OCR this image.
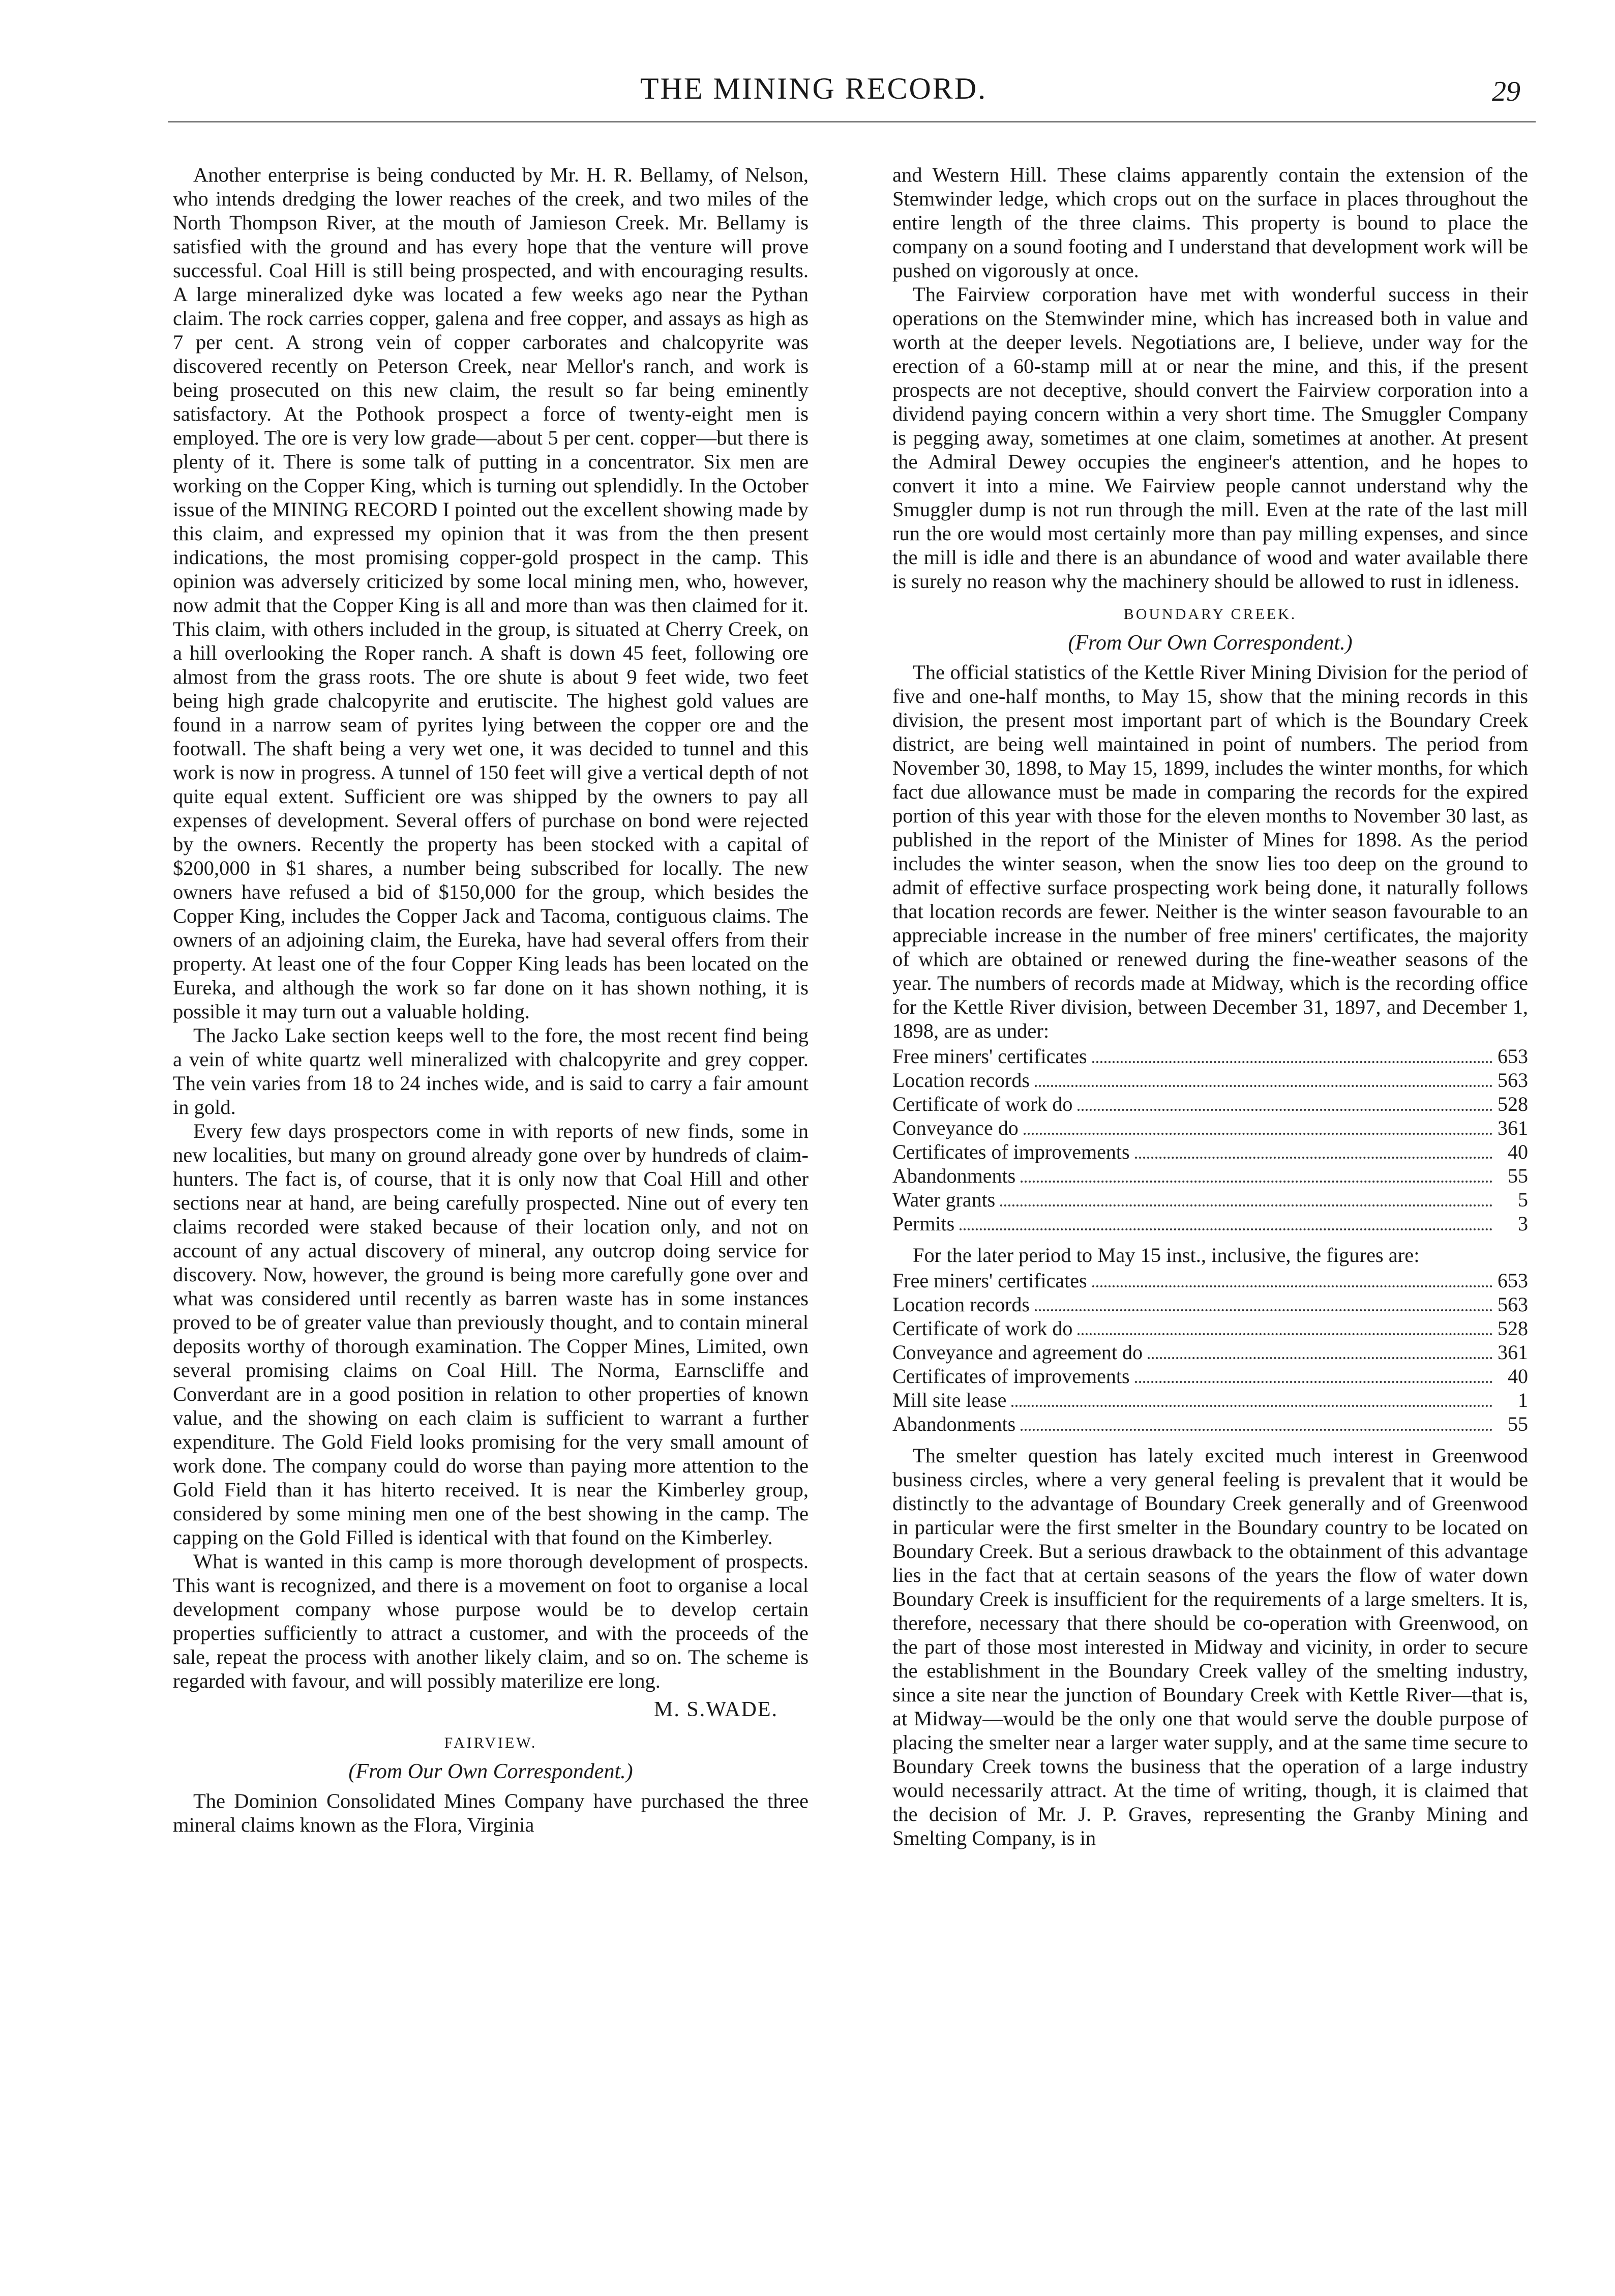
THE MINING RECORD.	29

Another enterprise is being conducted by Mr. H. R. Bellamy, of Nelson, who intends dredging the lower reaches of the creek, and two miles of the North Thompson River, at the mouth of Jamieson Creek. Mr. Bellamy is satisfied with the ground and has every hope that the venture will prove successful. Coal Hill is still being prospected, and with encouraging results. A large mineralized dyke was located a few weeks ago near the Pythan claim. The rock carries copper, galena and free copper, and assays as high as 7 per cent. A strong vein of copper carborates and chalcopyrite was discovered recently on Peterson Creek, near Mellor's ranch, and work is being prosecuted on this new claim, the result so far being eminently satisfactory. At the Pothook prospect a force of twenty-eight men is employed. The ore is very low grade—about 5 per cent. copper—but there is plenty of it. There is some talk of putting in a concentrator. Six men are working on the Copper King, which is turning out splendidly. In the October issue of the MINING RECORD I pointed out the excellent showing made by this claim, and expressed my opinion that it was from the then present indications, the most promising copper-gold prospect in the camp. This opinion was adversely criticized by some local mining men, who, however, now admit that the Copper King is all and more than was then claimed for it. This claim, with others included in the group, is situated at Cherry Creek, on a hill overlooking the Roper ranch. A shaft is down 45 feet, following ore almost from the grass roots. The ore shute is about 9 feet wide, two feet being high grade chalcopyrite and erutiscite. The highest gold values are found in a narrow seam of pyrites lying between the copper ore and the footwall. The shaft being a very wet one, it was decided to tunnel and this work is now in progress. A tunnel of 150 feet will give a vertical depth of not quite equal extent. Sufficient ore was shipped by the owners to pay all expenses of development. Several offers of purchase on bond were rejected by the owners. Recently the property has been stocked with a capital of $200,000 in $1 shares, a number being subscribed for locally. The new owners have refused a bid of $150,000 for the group, which besides the Copper King, includes the Copper Jack and Tacoma, contiguous claims. The owners of an adjoining claim, the Eureka, have had several offers from their property. At least one of the four Copper King leads has been located on the Eureka, and although the work so far done on it has shown nothing, it is possible it may turn out a valuable holding.

The Jacko Lake section keeps well to the fore, the most recent find being a vein of white quartz well mineralized with chalcopyrite and grey copper. The vein varies from 18 to 24 inches wide, and is said to carry a fair amount in gold.

Every few days prospectors come in with reports of new finds, some in new localities, but many on ground already gone over by hundreds of claim-hunters. The fact is, of course, that it is only now that Coal Hill and other sections near at hand, are being carefully prospected. Nine out of every ten claims recorded were staked because of their location only, and not on account of any actual discovery of mineral, any outcrop doing service for discovery. Now, however, the ground is being more carefully gone over and what was considered until recently as barren waste has in some instances proved to be of greater value than previously thought, and to contain mineral deposits worthy of thorough examination. The Copper Mines, Limited, own several promising claims on Coal Hill. The Norma, Earnscliffe and Converdant are in a good position in relation to other properties of known value, and the showing on each claim is sufficient to warrant a further expenditure. The Gold Field looks promising for the very small amount of work done. The company could do worse than paying more attention to the Gold Field than it has hiterto received. It is near the Kimberley group, considered by some mining men one of the best showing in the camp. The capping on the Gold Filled is identical with that found on the Kimberley.

What is wanted in this camp is more thorough development of prospects. This want is recognized, and there is a movement on foot to organise a local development company whose purpose would be to develop certain properties sufficiently to attract a customer, and with the proceeds of the sale, repeat the process with another likely claim, and so on. The scheme is regarded with favour, and will possibly materilize ere long.

M. S.WADE.
FAIRVIEW.
(From Our Own Correspondent.)

The Dominion Consolidated Mines Company have purchased the three mineral claims known as the Flora, Virginia

and Western Hill. These claims apparently contain the extension of the Stemwinder ledge, which crops out on the surface in places throughout the entire length of the three claims. This property is bound to place the company on a sound footing and I understand that development work will be pushed on vigorously at once.

The Fairview corporation have met with wonderful success in their operations on the Stemwinder mine, which has increased both in value and worth at the deeper levels. Negotiations are, I believe, under way for the erection of a 60-stamp mill at or near the mine, and this, if the present prospects are not deceptive, should convert the Fairview corporation into a dividend paying concern within a very short time. The Smuggler Company is pegging away, sometimes at one claim, sometimes at another. At present the Admiral Dewey occupies the engineer's attention, and he hopes to convert it into a mine. We Fairview people cannot understand why the Smuggler dump is not run through the mill. Even at the rate of the last mill run the ore would most certainly more than pay milling expenses, and since the mill is idle and there is an abundance of wood and water available there is surely no reason why the machinery should be allowed to rust in idleness.

BOUNDARY CREEK.
(From Our Own Correspondent.)

The official statistics of the Kettle River Mining Division for the period of five and one-half months, to May 15, show that the mining records in this division, the present most important part of which is the Boundary Creek district, are being well maintained in point of numbers. The period from November 30, 1898, to May 15, 1899, includes the winter months, for which fact due allowance must be made in comparing the records for the expired portion of this year with those for the eleven months to November 30 last, as published in the report of the Minister of Mines for 1898. As the period includes the winter season, when the snow lies too deep on the ground to admit of effective surface prospecting work being done, it naturally follows that location records are fewer. Neither is the winter season favourable to an appreciable increase in the number of free miners' certificates, the majority of which are obtained or renewed during the fine-weather seasons of the year. The numbers of records made at Midway, which is the recording office for the Kettle River division, between December 31, 1897, and December 1, 1898, are as under:

Free miners' certificates	653
Location records	563
Certificate of work do	528
Conveyance do	361
Certificates of improvements	40
Abandonments	55
Water grants	5
Permits	3

For the later period to May 15 inst., inclusive, the figures are:

Free miners' certificates	653
Location records	563
Certificate of work do	528
Conveyance and agreement do	361
Certificates of improvements	40
Mill site lease	1
Abandonments	55

The smelter question has lately excited much interest in Greenwood business circles, where a very general feeling is prevalent that it would be distinctly to the advantage of Boundary Creek generally and of Greenwood in particular were the first smelter in the Boundary country to be located on Boundary Creek. But a serious drawback to the obtainment of this advantage lies in the fact that at certain seasons of the years the flow of water down Boundary Creek is insufficient for the requirements of a large smelters. It is, therefore, necessary that there should be co-operation with Greenwood, on the part of those most interested in Midway and vicinity, in order to secure the establishment in the Boundary Creek valley of the smelting industry, since a site near the junction of Boundary Creek with Kettle River—that is, at Midway—would be the only one that would serve the double purpose of placing the smelter near a larger water supply, and at the same time secure to Boundary Creek towns the business that the operation of a large industry would necessarily attract. At the time of writing, though, it is claimed that the decision of Mr. J. P. Graves, representing the Granby Mining and Smelting Company, is in
